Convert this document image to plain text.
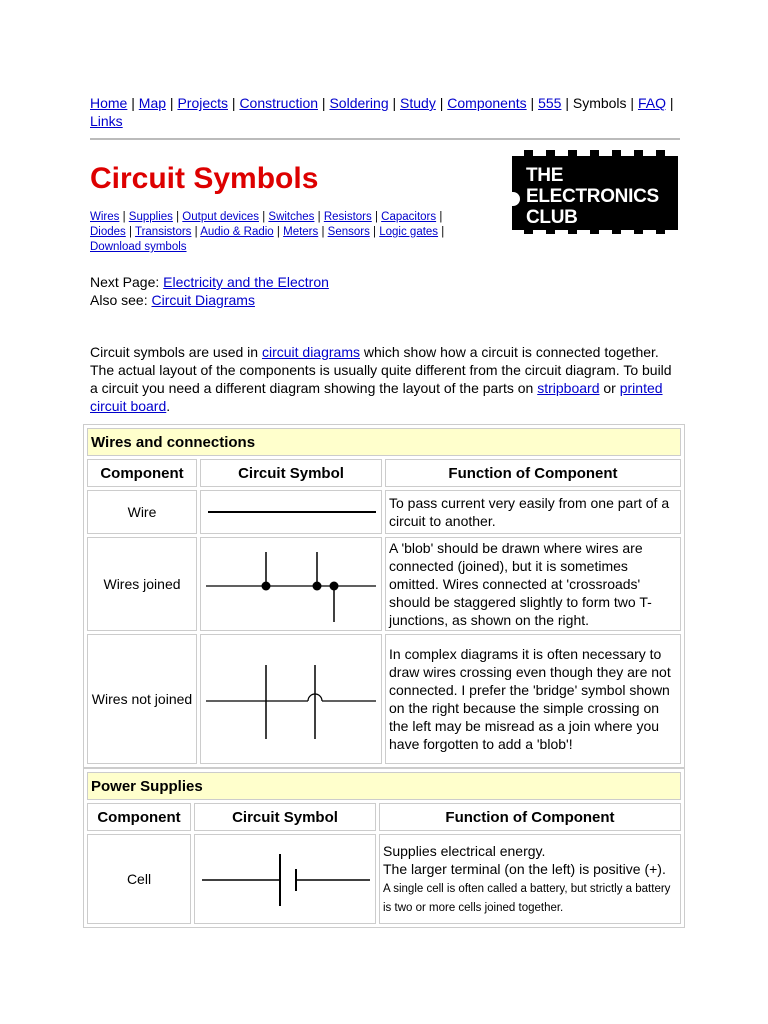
Home | Map | Projects | Construction | Soldering | Study | Components | 555 | Symbols | FAQ | Links
Circuit Symbols
Wires | Supplies | Output devices | Switches | Resistors | Capacitors |
Diodes | Transistors | Audio & Radio | Meters | Sensors | Logic gates |
Download symbols
Next Page: Electricity and the Electron
Also see: Circuit Diagrams
Circuit symbols are used in circuit diagrams which show how a circuit is connected together. The actual layout of the components is usually quite different from the circuit diagram. To build a circuit you need a different diagram showing the layout of the parts on stripboard or printed circuit board.
THE
ELECTRONICS
CLUB
Wires and connections		
Component	Circuit Symbol	Function of Component
Wire		To pass current very easily from one part of a circuit to another.
Wires joined		A 'blob' should be drawn where wires are connected (joined), but it is sometimes omitted. Wires connected at 'crossroads' should be staggered slightly to form two T-junctions, as shown on the right.
Wires not joined		In complex diagrams it is often necessary to draw wires crossing even though they are not connected. I prefer the 'bridge' symbol shown on the right because the simple crossing on the left may be misread as a join where you have forgotten to add a 'blob'!
Power Supplies		
Component	Circuit Symbol	Function of Component
Cell		Supplies electrical energy.
The larger terminal (on the left) is positive (+).
A single cell is often called a battery, but strictly a battery is two or more cells joined together.
